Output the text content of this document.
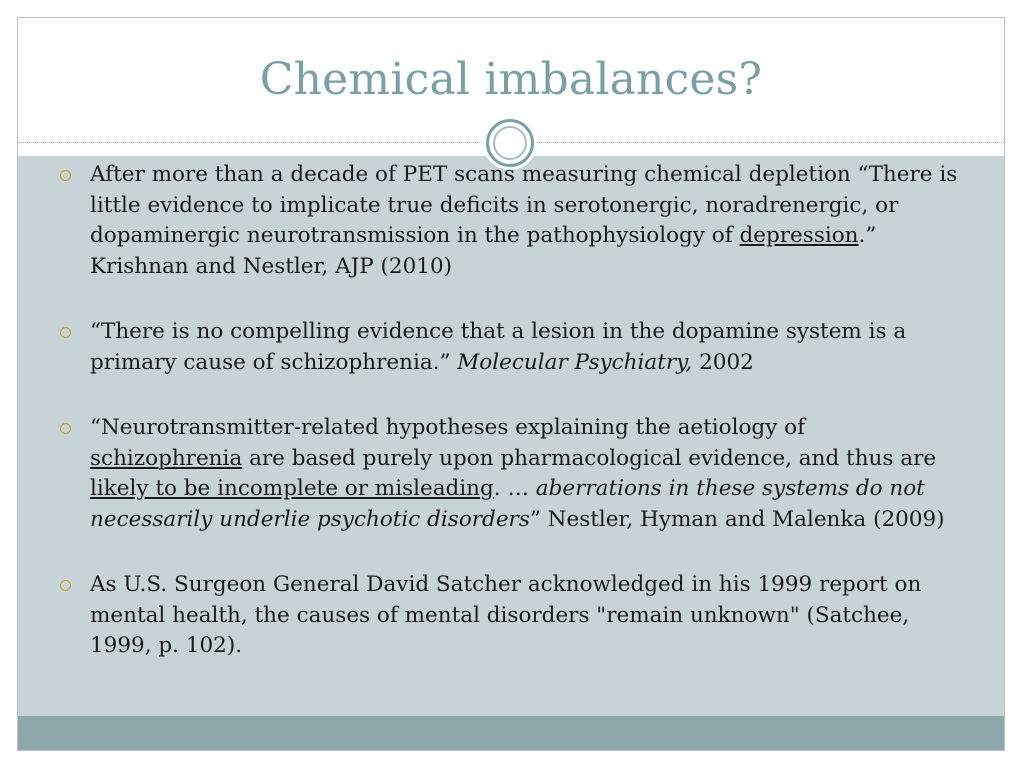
Chemical imbalances?
After more than a decade of PET scans measuring chemical depletion “There is little evidence to implicate true deficits in serotonergic, noradrenergic, or dopaminergic neurotransmission in the pathophysiology of depression.” Krishnan and Nestler, AJP (2010)
“There is no compelling evidence that a lesion in the dopamine system is a primary cause of schizophrenia.” Molecular Psychiatry, 2002
“Neurotransmitter-related hypotheses explaining the aetiology of schizophrenia are based purely upon pharmacological evidence, and thus are likely to be incomplete or misleading. … aberrations in these systems do not necessarily underlie psychotic disorders” Nestler, Hyman and Malenka (2009)
As U.S. Surgeon General David Satcher acknowledged in his 1999 report on mental health, the causes of mental disorders "remain unknown" (Satchee, 1999, p. 102).
